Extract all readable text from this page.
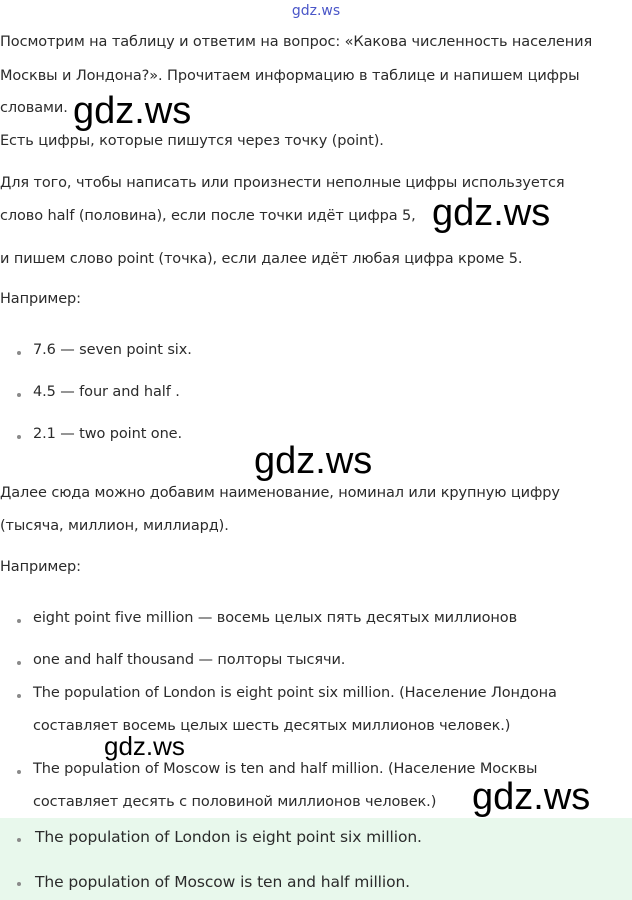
gdz.ws
Посмотрим на таблицу и ответим на вопрос: «Какова численность населения
Москвы и Лондона?». Прочитаем информацию в таблице и напишем цифры
словами.
Есть цифры, которые пишутся через точку (point).
Для того, чтобы написать или произнести неполные цифры используется
слово half (половина), если после точки идёт цифра 5,
и пишем слово point (точка), если далее идёт любая цифра кроме 5.
Например:
7.6 — seven point six.
4.5 — four and half .
2.1 — two point one.
Далее сюда можно добавим наименование, номинал или крупную цифру
(тысяча, миллион, миллиард).
Например:
eight point five million — восемь целых пять десятых миллионов
one and half thousand — полторы тысячи.
The population of London is eight point six million. (Население Лондона
составляет восемь целых шесть десятых миллионов человек.)
The population of Moscow is ten and half million. (Население Москвы
составляет десять с половиной миллионов человек.)
The population of London is eight point six million.
The population of Moscow is ten and half million.
gdz.ws
gdz.ws
gdz.ws
gdz.ws
gdz.ws
